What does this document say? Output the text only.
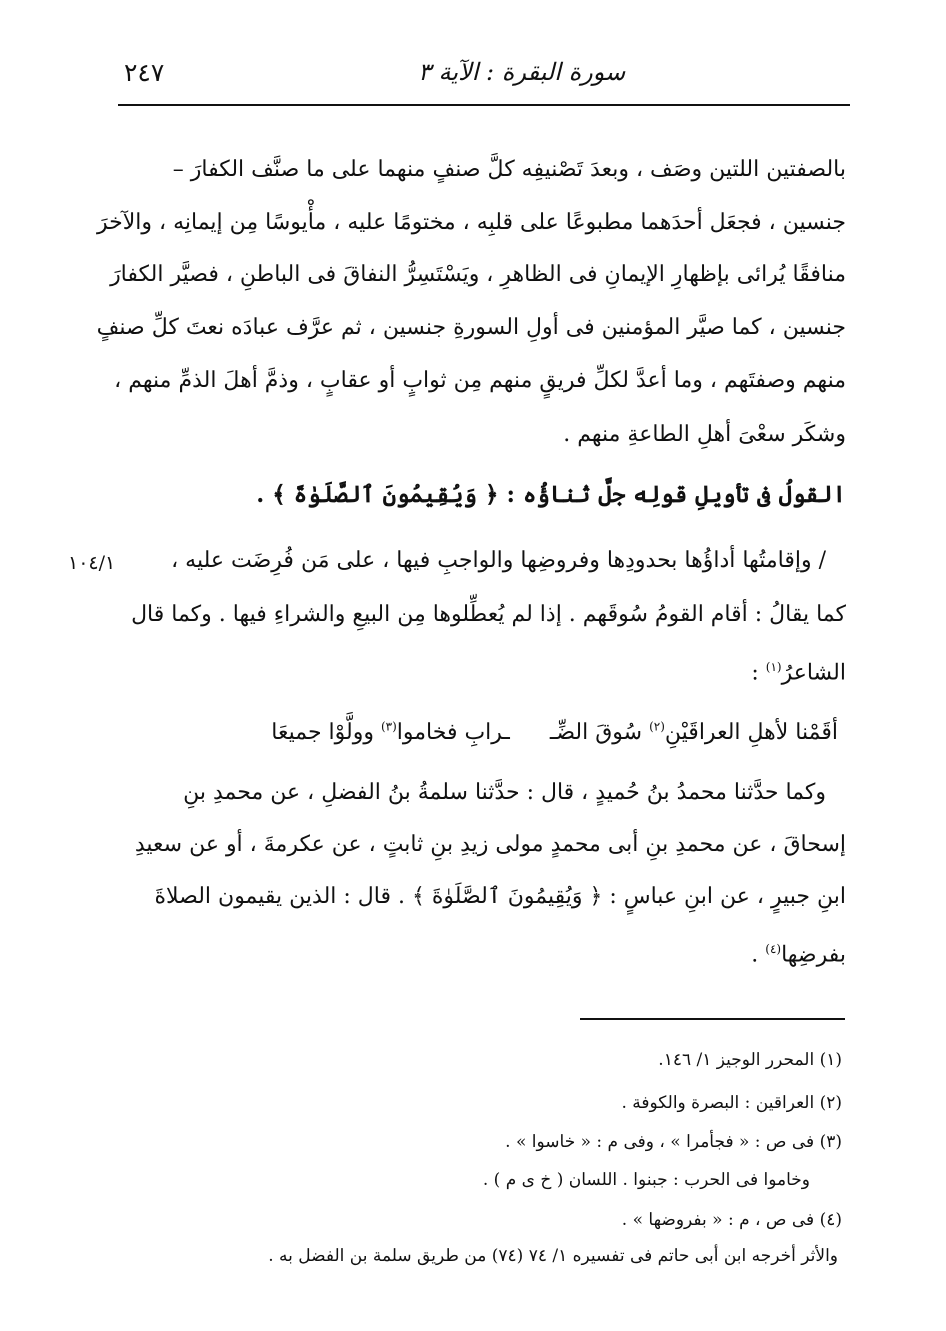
٢٤٧	سورة البقرة : الآية ٣
بالصفتين اللتين وصَف ، وبعدَ تَصْنيفِه كلَّ صنفٍ منهما على ما صنَّف الكفارَ –
جنسين ، فجعَل أحدَهما مطبوعًا على قلبِه ، مختومًا عليه ، مأْيوسًا مِن إيمانِه ، والآخرَ
منافقًا يُرائى بإظهارِ الإيمانِ فى الظاهرِ ، ويَسْتَسِرُّ النفاقَ فى الباطنِ ، فصيَّر الكفارَ
جنسين ، كما صيَّر المؤمنين فى أولِ السورةِ جنسين ، ثم عرَّف عبادَه نعتَ كلِّ صنفٍ
منهم وصفتَهم ، وما أعدَّ لكلِّ فريقٍ منهم مِن ثوابٍ أو عقابٍ ، وذمَّ أهلَ الذمِّ منهم ،
وشكَر سعْىَ أهلِ الطاعةِ منهم .
القولُ فى تأويلِ قولِه جلَّ ثناؤُه : ﴿ وَيُقِيمُونَ ٱلصَّلَوٰةَ ﴾ .
/ وإقامتُها أداؤُها بحدودِها وفروضِها والواجبِ فيها ، على مَن فُرِضَت عليه ،
١٠٤/١
كما يقالُ : أقام القومُ سُوقَهم . إذا لم يُعطِّلوها مِن البيعِ والشراءِ فيها . وكما قال
الشاعرُ$^{(١)}$ :
أقَمْنا لأهلِ العراقَيْنِ$^{(٢)}$ سُوقَ الضِّــرابِ فخاموا$^{(٣)}$ وولَّوْا جميعَا
وكما حدَّثنا محمدُ بنُ حُميدٍ ، قال : حدَّثنا سلمةُ بنُ الفضلِ ، عن محمدِ بنِ
إسحاقَ ، عن محمدِ بنِ أبى محمدٍ مولى زيدِ بنِ ثابتٍ ، عن عكرمةَ ، أو عن سعيدِ
ابنِ جبيرٍ ، عن ابنِ عباسٍ : ﴿ وَيُقِيمُونَ ٱلصَّلَوٰةَ ﴾ . قال : الذين يقيمون الصلاةَ
بفرضِها$^{(٤)}$ .
(١) المحرر الوجيز ١/ ١٤٦.
(٢) العراقين : البصرة والكوفة .
(٣) فى ص : « فجأمرا » ، وفى م : « خاسوا » .
وخاموا فى الحرب : جبنوا . اللسان ( خ ى م ) .
(٤) فى ص ، م : « بفروضها » .
والأثر أخرجه ابن أبى حاتم فى تفسيره ١/ ٧٤ (٧٤) من طريق سلمة بن الفضل به .
